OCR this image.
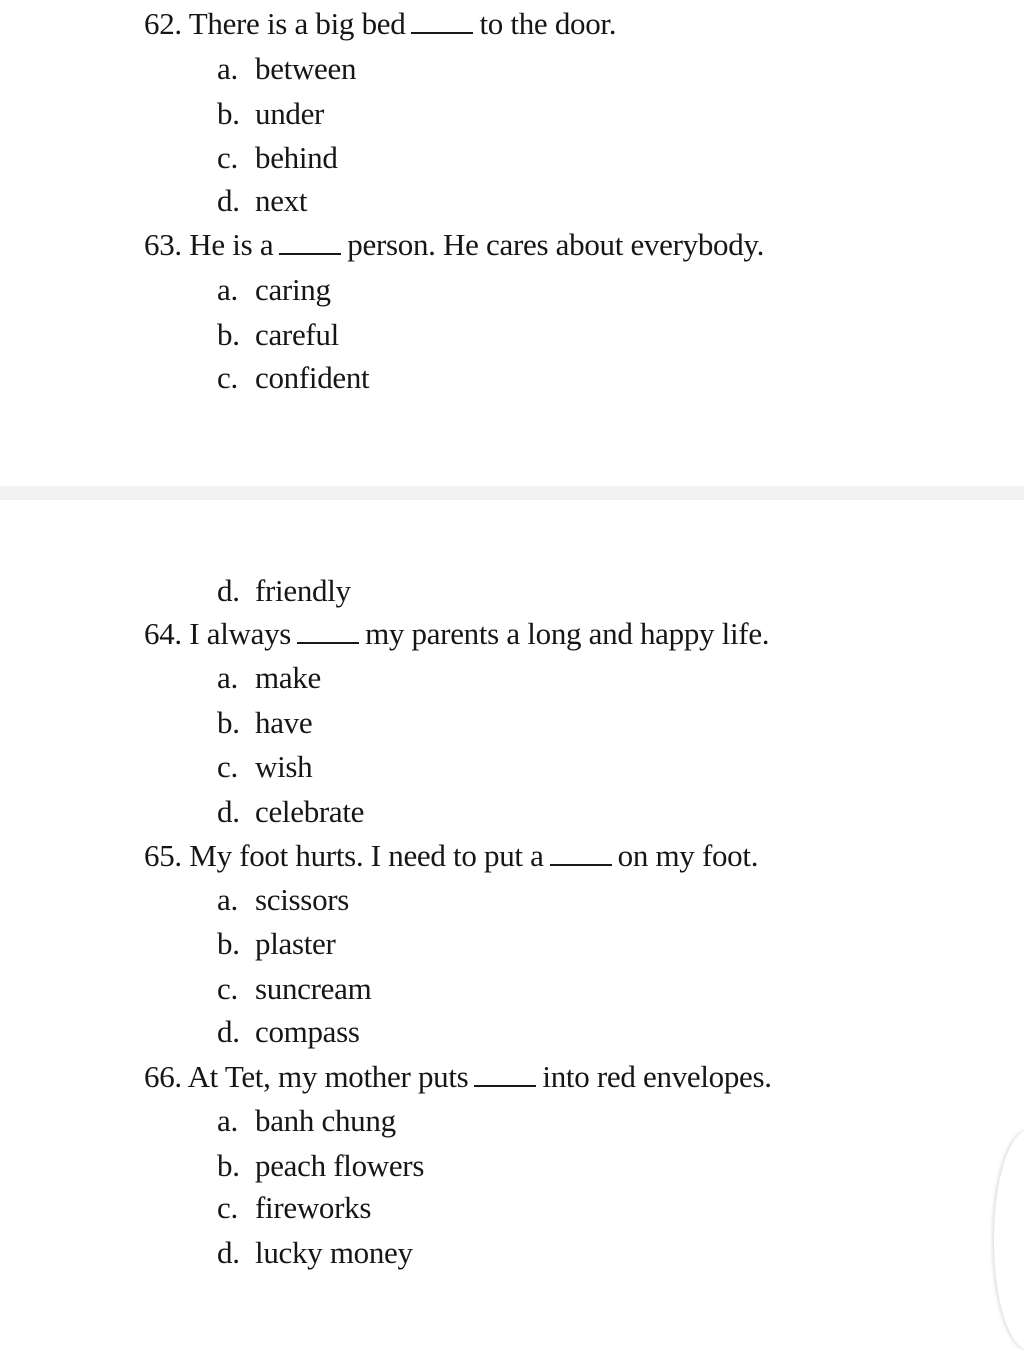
62. There is a big bed to the door.
a. between
b. under
c. behind
d. next
63. He is a person. He cares about everybody.
a. caring
b. careful
c. confident
d. friendly
64. I always my parents a long and happy life.
a. make
b. have
c. wish
d. celebrate
65. My foot hurts. I need to put a on my foot.
a. scissors
b. plaster
c. suncream
d. compass
66. At Tet, my mother puts into red envelopes.
a. banh chung
b. peach flowers
c. fireworks
d. lucky money
